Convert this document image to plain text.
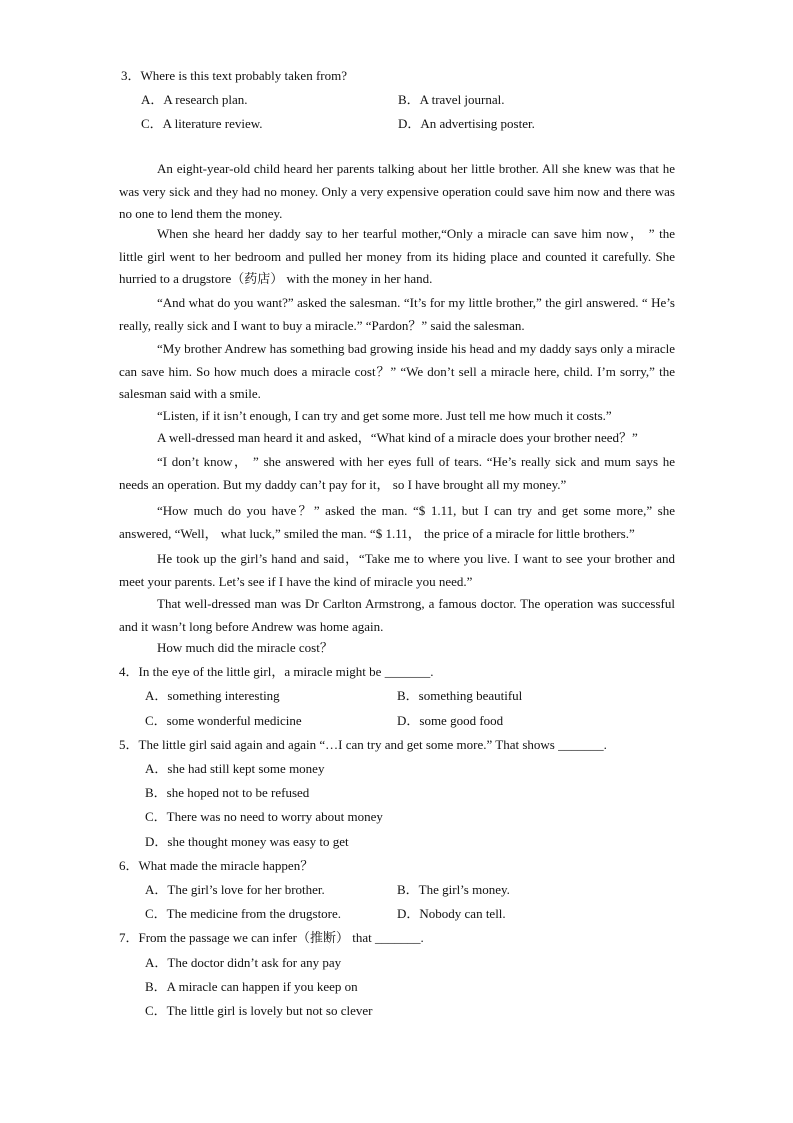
3．Where is this text probably taken from?
A．A research plan.	B．A travel journal.
C．A literature review.	D．An advertising poster.

An eight-year-old child heard her parents talking about her little brother. All she knew was that he was very sick and they had no money. Only a very expensive operation could save him now and there was no one to lend them the money.

When she heard her daddy say to her tearful mother,“Only a miracle can save him now， ” the little girl went to her bedroom and pulled her money from its hiding place and counted it carefully. She hurried to a drugstore（药店） with the money in her hand.

“And what do you want?” asked the salesman. “It’s for my little brother,” the girl answered. “ He’s really, really sick and I want to buy a miracle.” “Pardon？” said the salesman.

“My brother Andrew has something bad growing inside his head and my daddy says only a miracle can save him. So how much does a miracle cost？” “We don’t sell a miracle here, child. I’m sorry,” the salesman said with a smile.

“Listen, if it isn’t enough, I can try and get some more. Just tell me how much it costs.”

A well-dressed man heard it and asked，“What kind of a miracle does your brother need？”

“I don’t know， ” she answered with her eyes full of tears. “He’s really sick and mum says he needs an operation. But my daddy can’t pay for it， so I have brought all my money.”

“How much do you have？” asked the man. “$ 1.11, but I can try and get some more,” she answered, “Well， what luck,” smiled the man. “$ 1.11， the price of a miracle for little brothers.”

He took up the girl’s hand and said，“Take me to where you live. I want to see your brother and meet your parents. Let’s see if I have the kind of miracle you need.”

That well-dressed man was Dr Carlton Armstrong, a famous doctor. The operation was successful and it wasn’t long before Andrew was home again.

How much did the miracle cost？

4．In the eye of the little girl，a miracle might be _______.
A．something interesting	B．something beautiful
C．some wonderful medicine	D．some good food
5．The little girl said again and again “…I can try and get some more.” That shows _______.
A．she had still kept some money
B．she hoped not to be refused
C．There was no need to worry about money
D．she thought money was easy to get
6．What made the miracle happen？
A．The girl’s love for her brother.	B．The girl’s money.
C．The medicine from the drugstore.	D．Nobody can tell.
7．From the passage we can infer（推断） that _______.
A．The doctor didn’t ask for any pay
B．A miracle can happen if you keep on
C．The little girl is lovely but not so clever
